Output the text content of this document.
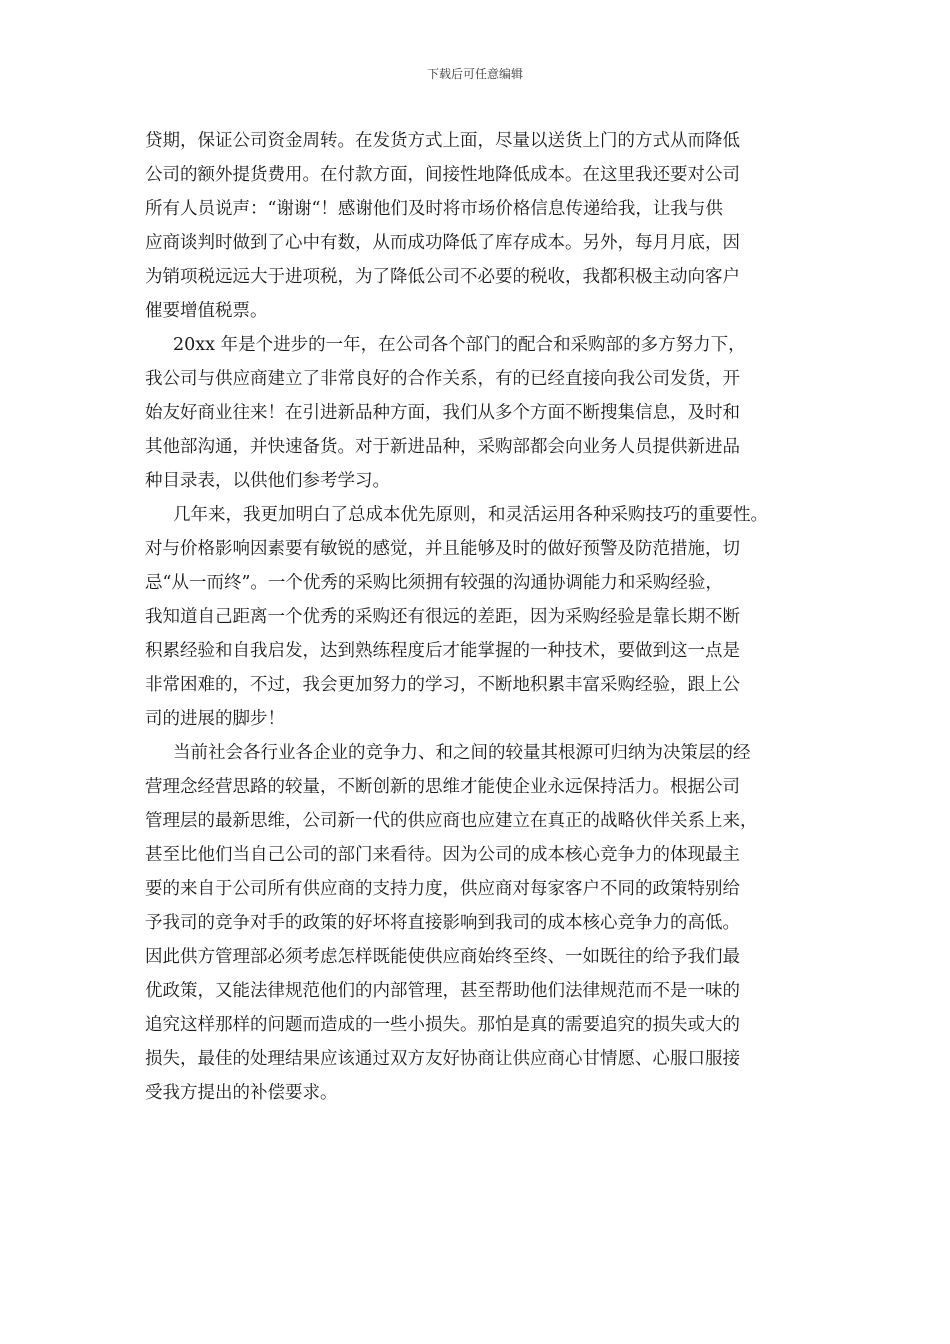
下载后可任意编辑
贷期，保证公司资金周转。在发货方式上面，尽量以送货上门的方式从而降低
公司的额外提货费用。在付款方面，间接性地降低成本。在这里我还要对公司
所有人员说声：“谢谢“！感谢他们及时将市场价格信息传递给我，让我与供
应商谈判时做到了心中有数，从而成功降低了库存成本。另外，每月月底，因
为销项税远远大于进项税，为了降低公司不必要的税收，我都积极主动向客户
催要增值税票。
20xx 年是个进步的一年，在公司各个部门的配合和采购部的多方努力下，
我公司与供应商建立了非常良好的合作关系，有的已经直接向我公司发货，开
始友好商业往来！在引进新品种方面，我们从多个方面不断搜集信息，及时和
其他部沟通，并快速备货。对于新进品种，采购部都会向业务人员提供新进品
种目录表，以供他们参考学习。
几年来，我更加明白了总成本优先原则，和灵活运用各种采购技巧的重要性。
对与价格影响因素要有敏锐的感觉，并且能够及时的做好预警及防范措施，切
忌“从一而终”。一个优秀的采购比须拥有较强的沟通协调能力和采购经验，
我知道自己距离一个优秀的采购还有很远的差距，因为采购经验是靠长期不断
积累经验和自我启发，达到熟练程度后才能掌握的一种技术，要做到这一点是
非常困难的，不过，我会更加努力的学习，不断地积累丰富采购经验，跟上公
司的进展的脚步！
当前社会各行业各企业的竞争力、和之间的较量其根源可归纳为决策层的经
营理念经营思路的较量，不断创新的思维才能使企业永远保持活力。根据公司
管理层的最新思维，公司新一代的供应商也应建立在真正的战略伙伴关系上来，
甚至比他们当自己公司的部门来看待。因为公司的成本核心竞争力的体现最主
要的来自于公司所有供应商的支持力度，供应商对每家客户不同的政策特别给
予我司的竞争对手的政策的好坏将直接影响到我司的成本核心竞争力的高低。
因此供方管理部必须考虑怎样既能使供应商始终至终、一如既往的给予我们最
优政策，又能法律规范他们的内部管理，甚至帮助他们法律规范而不是一味的
追究这样那样的问题而造成的一些小损失。那怕是真的需要追究的损失或大的
损失，最佳的处理结果应该通过双方友好协商让供应商心甘情愿、心服口服接
受我方提出的补偿要求。
